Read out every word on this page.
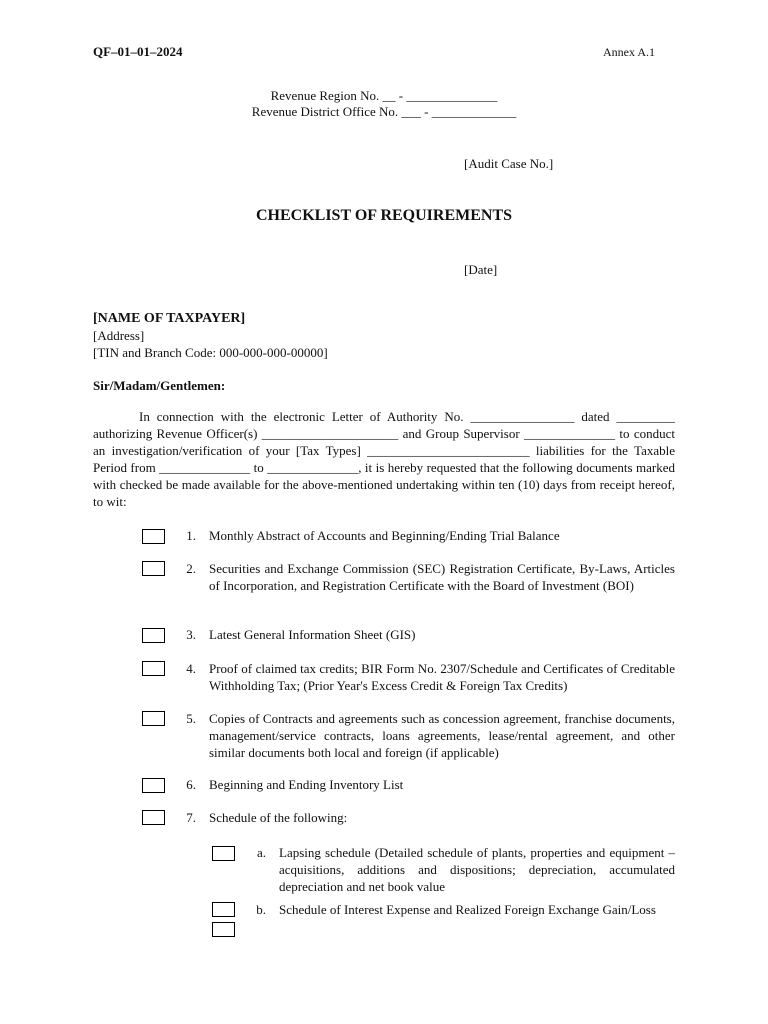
QF–01–01–2024	Annex A.1
Revenue Region No. __ - ______________
Revenue District Office No. ___ - _____________
[Audit Case No.]
CHECKLIST OF REQUIREMENTS
[Date]
[NAME OF TAXPAYER]
[Address]
[TIN and Branch Code: 000-000-000-00000]
Sir/Madam/Gentlemen:

In connection with the electronic Letter of Authority No. ________________ dated _________ authorizing Revenue Officer(s) _____________________ and Group Supervisor ______________ to conduct an investigation/verification of your [Tax Types] _________________________ liabilities for the Taxable Period from ______________ to ______________, it is hereby requested that the following documents marked with checked be made available for the above-mentioned undertaking within ten (10) days from receipt hereof, to wit:

1. Monthly Abstract of Accounts and Beginning/Ending Trial Balance
2. Securities and Exchange Commission (SEC) Registration Certificate, By-Laws, Articles of Incorporation, and Registration Certificate with the Board of Investment (BOI)
3. Latest General Information Sheet (GIS)
4. Proof of claimed tax credits; BIR Form No. 2307/Schedule and Certificates of Creditable Withholding Tax; (Prior Year's Excess Credit & Foreign Tax Credits)
5. Copies of Contracts and agreements such as concession agreement, franchise documents, management/service contracts, loans agreements, lease/rental agreement, and other similar documents both local and foreign (if applicable)
6. Beginning and Ending Inventory List
7. Schedule of the following:
a. Lapsing schedule (Detailed schedule of plants, properties and equipment – acquisitions, additions and dispositions; depreciation, accumulated depreciation and net book value
b. Schedule of Interest Expense and Realized Foreign Exchange Gain/Loss
